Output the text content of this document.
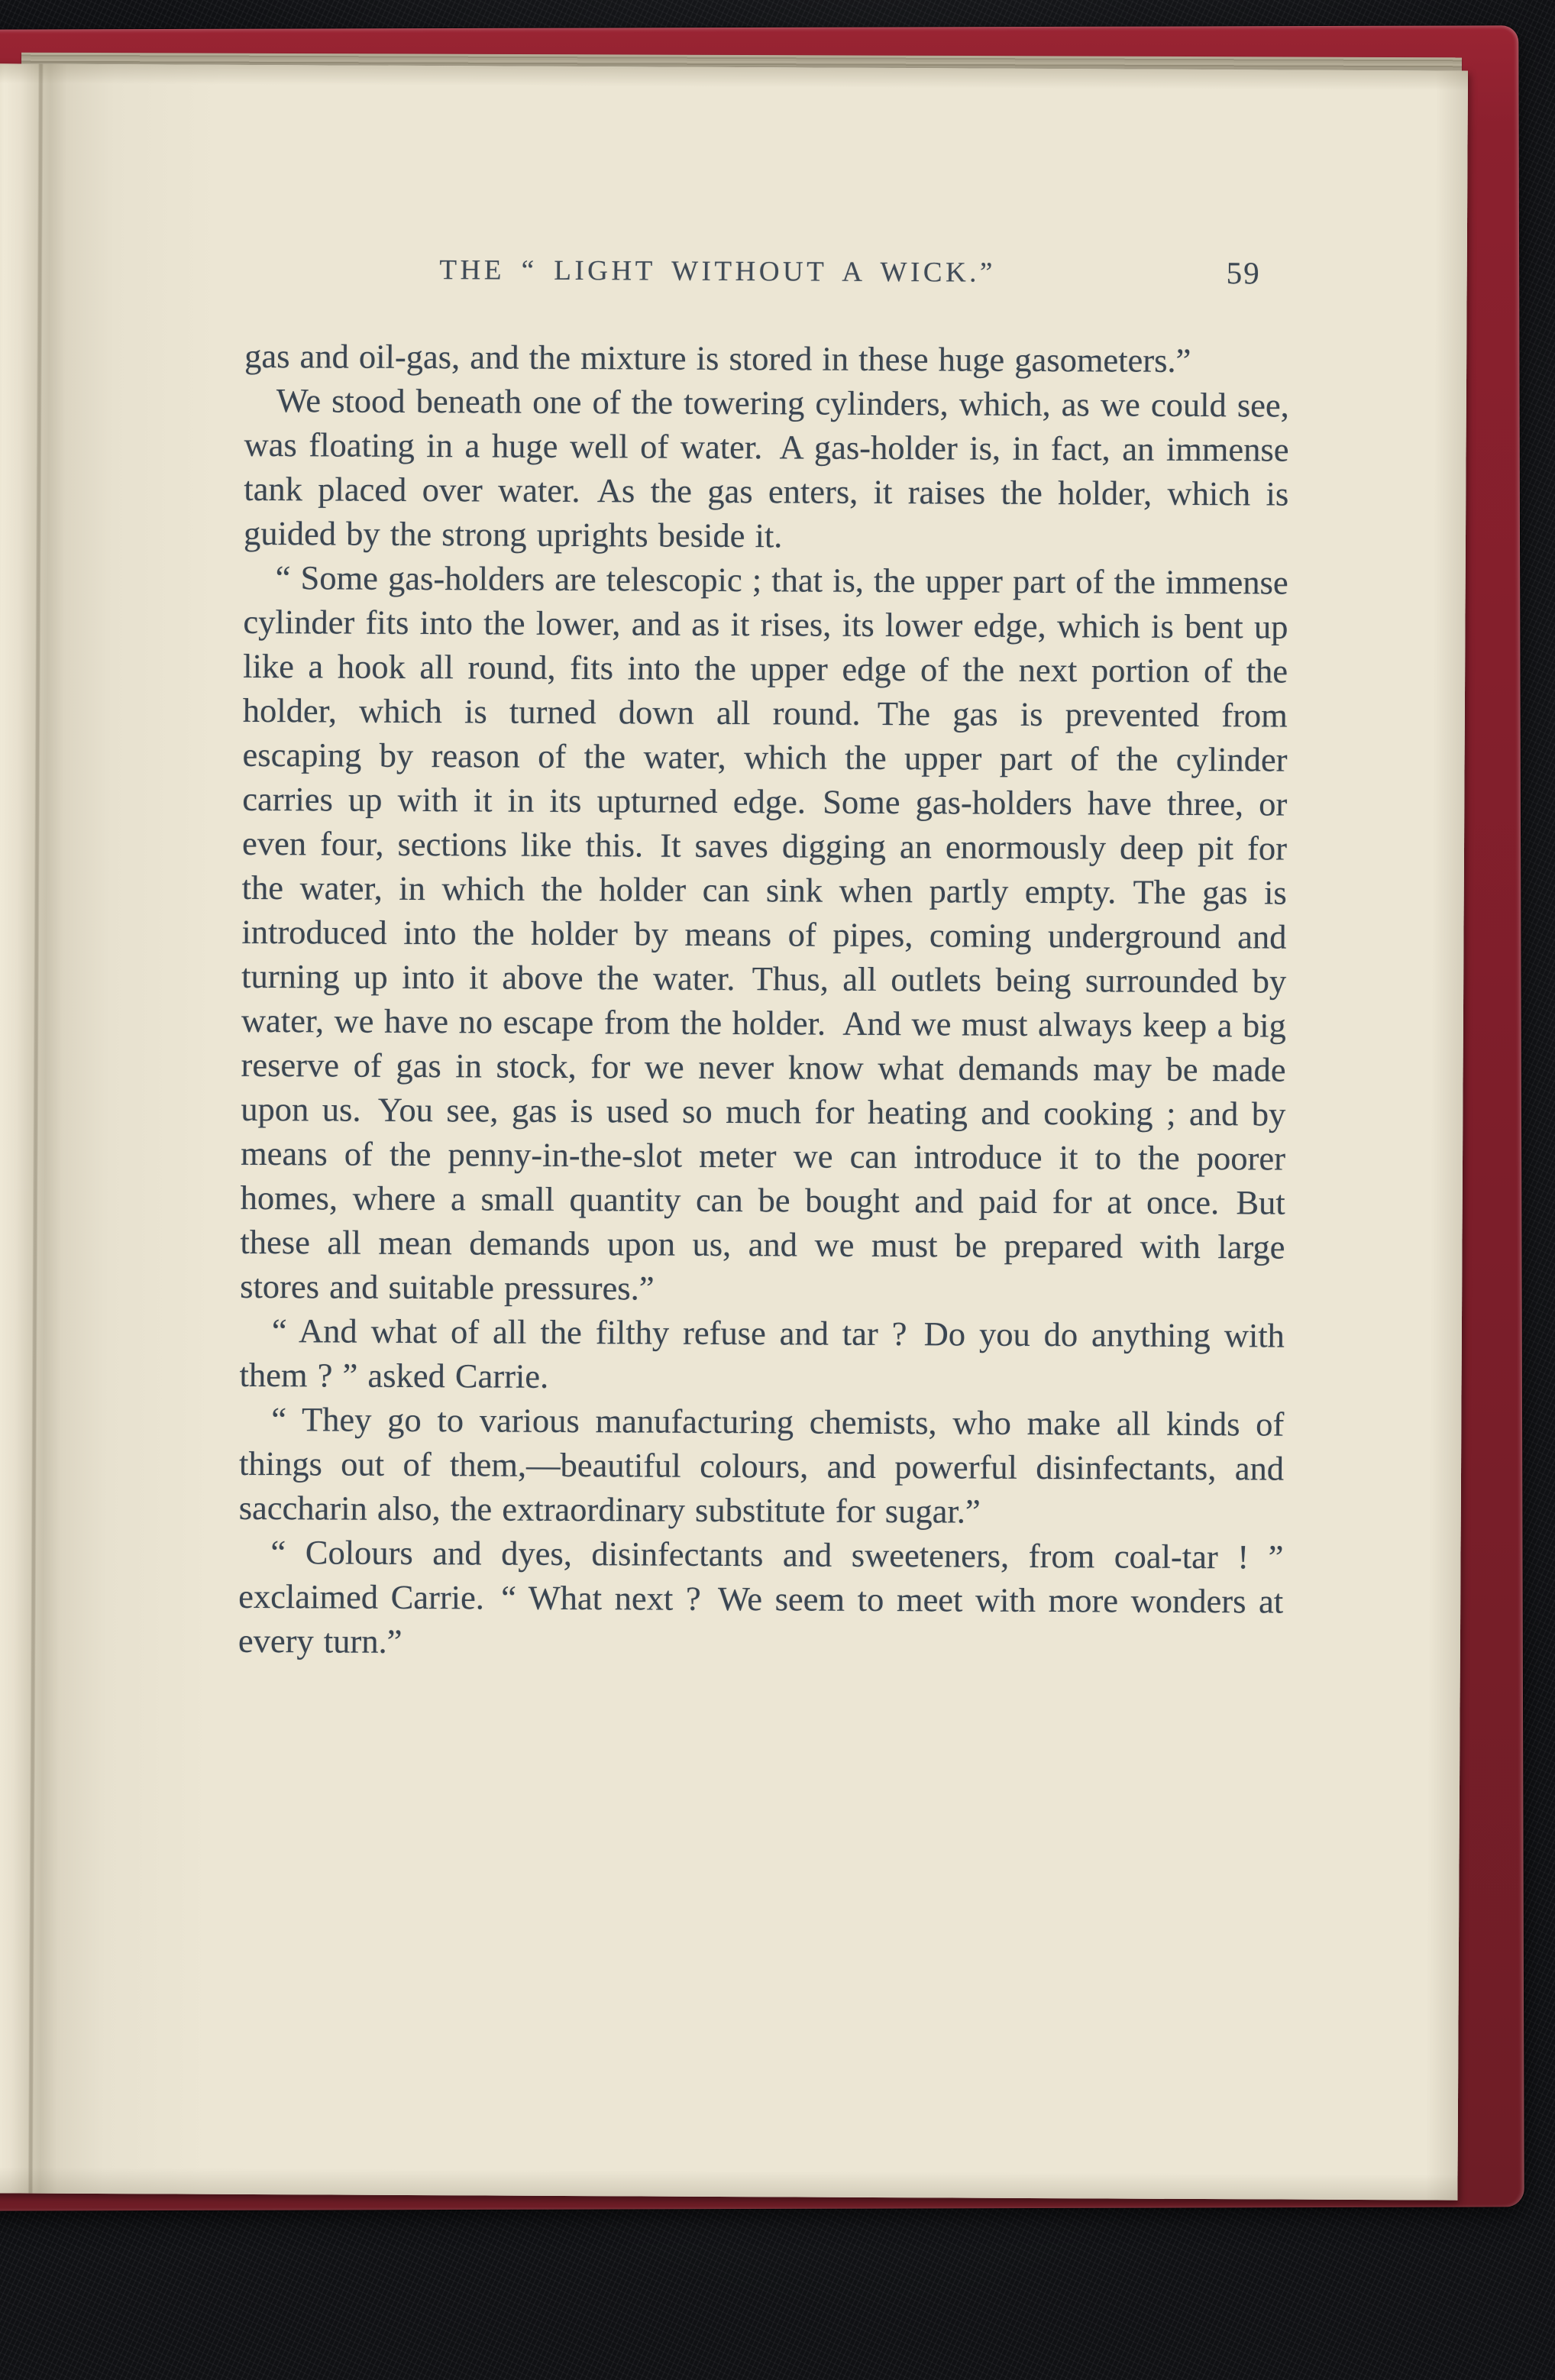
THE “ LIGHT WITHOUT A WICK.”	59

gas and oil-gas, and the mixture is stored in these huge gasometers.”

We stood beneath one of the towering cylinders, which, as we could see, was floating in a huge well of water. A gas-holder is, in fact, an immense tank placed over water. As the gas enters, it raises the holder, which is guided by the strong uprights beside it.

“ Some gas-holders are telescopic ; that is, the upper part of the immense cylinder fits into the lower, and as it rises, its lower edge, which is bent up like a hook all round, fits into the upper edge of the next portion of the holder, which is turned down all round. The gas is prevented from escaping by reason of the water, which the upper part of the cylinder carries up with it in its upturned edge. Some gas-holders have three, or even four, sections like this. It saves digging an enormously deep pit for the water, in which the holder can sink when partly empty. The gas is introduced into the holder by means of pipes, coming underground and turning up into it above the water. Thus, all outlets being surrounded by water, we have no escape from the holder. And we must always keep a big reserve of gas in stock, for we never know what demands may be made upon us. You see, gas is used so much for heating and cooking ; and by means of the penny-in-the-slot meter we can introduce it to the poorer homes, where a small quantity can be bought and paid for at once. But these all mean demands upon us, and we must be prepared with large stores and suitable pressures.”

“ And what of all the filthy refuse and tar ? Do you do anything with them ? ” asked Carrie.

“ They go to various manufacturing chemists, who make all kinds of things out of them,—beautiful colours, and powerful disinfectants, and saccharin also, the extraordinary substitute for sugar.”

“ Colours and dyes, disinfectants and sweeteners, from coal-tar ! ” exclaimed Carrie. “ What next ? We seem to meet with more wonders at every turn.”
